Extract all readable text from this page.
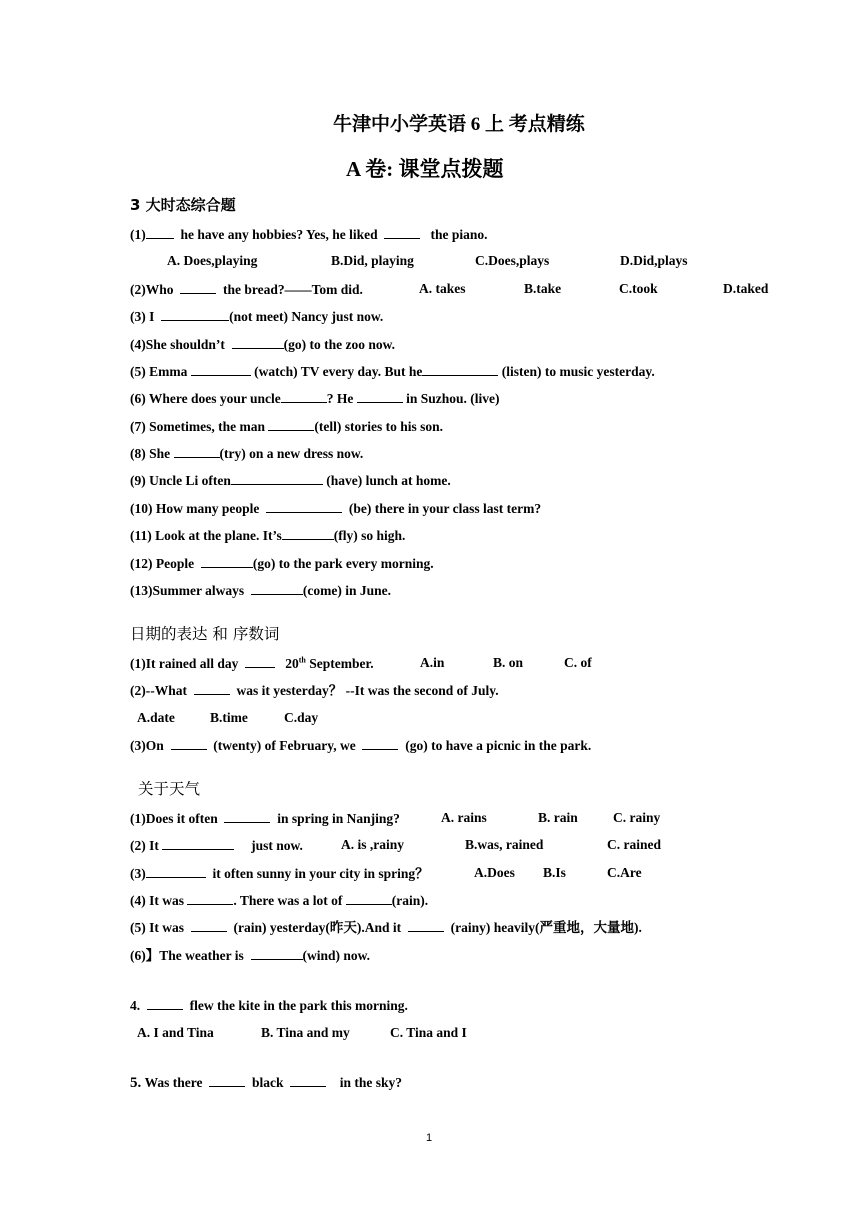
牛津中小学英语 6 上 考点精练
A 卷: 课堂点拨题
3 大时态综合题
(1)	he have any hobbies? Yes, he liked	the piano.
A. Does,playing	B.Did, playing	C.Does,plays	D.Did,plays
(2)Who	the bread?——Tom did.	A. takes	B.take	C.took	D.taked
(3) I	(not meet) Nancy just now.
(4)She shouldn’t	(go) to the zoo now.
(5) Emma	(watch) TV every day. But he	(listen) to music yesterday.
(6) Where does your uncle	? He	in Suzhou. (live)
(7) Sometimes, the man	(tell) stories to his son.
(8) She	(try) on a new dress now.
(9) Uncle Li often	(have) lunch at home.
(10) How many people	(be) there in your class last term?
(11) Look at the plane. It’s	(fly) so high.
(12) People	(go) to the park every morning.
(13)Summer always	(come) in June.
日期的表达 和 序数词
(1)It rained all day	20th September.	A.in	B. on	C. of
(2)--What	was it yesterday？ --It was the second of July.
A.date	B.time	C.day
(3)On	(twenty) of February, we	(go) to have a picnic in the park.
关于天气
(1)Does it often	in spring in Nanjing?	A. rains	B. rain	C. rainy
(2) It	just now.	A. is ,rainy	B.was, rained	C. rained
(3)	it often sunny in your city in spring？	A.Does B.Is	C.Are
(4) It was	. There was a lot of	(rain).
(5) It was	(rain) yesterday(昨天).And it	(rainy) heavily(严重地，大量地).
(6)】The weather is	(wind) now.
4.	flew the kite in the park this morning.
A. I and Tina	B. Tina and my	C. Tina and I
5. Was there	black	in the sky?
1
